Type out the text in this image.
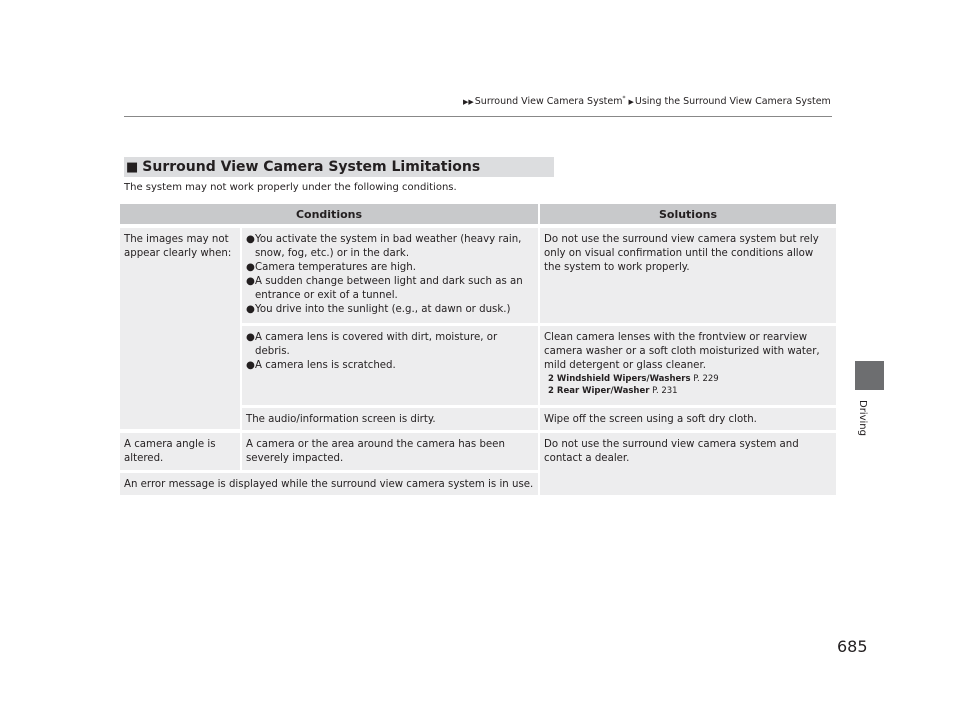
▶▶Surround View Camera System* ▶Using the Surround View Camera System
Driving
■ Surround View Camera System Limitations
The system may not work properly under the following conditions.
Conditions	Solutions
The images may not appear clearly when:
● You activate the system in bad weather (heavy rain, snow, fog, etc.) or in the dark.
● Camera temperatures are high.
● A sudden change between light and dark such as an entrance or exit of a tunnel.
● You drive into the sunlight (e.g., at dawn or dusk.)
Do not use the surround view camera system but rely only on visual confirmation until the conditions allow the system to work properly.
● A camera lens is covered with dirt, moisture, or debris.
● A camera lens is scratched.
Clean camera lenses with the frontview or rearview camera washer or a soft cloth moisturized with water, mild detergent or glass cleaner.
2 Windshield Wipers/Washers P. 229
2 Rear Wiper/Washer P. 231
The audio/information screen is dirty.	Wipe off the screen using a soft dry cloth.
A camera angle is altered.
A camera or the area around the camera has been severely impacted.
Do not use the surround view camera system and contact a dealer.
An error message is displayed while the surround view camera system is in use.
685
